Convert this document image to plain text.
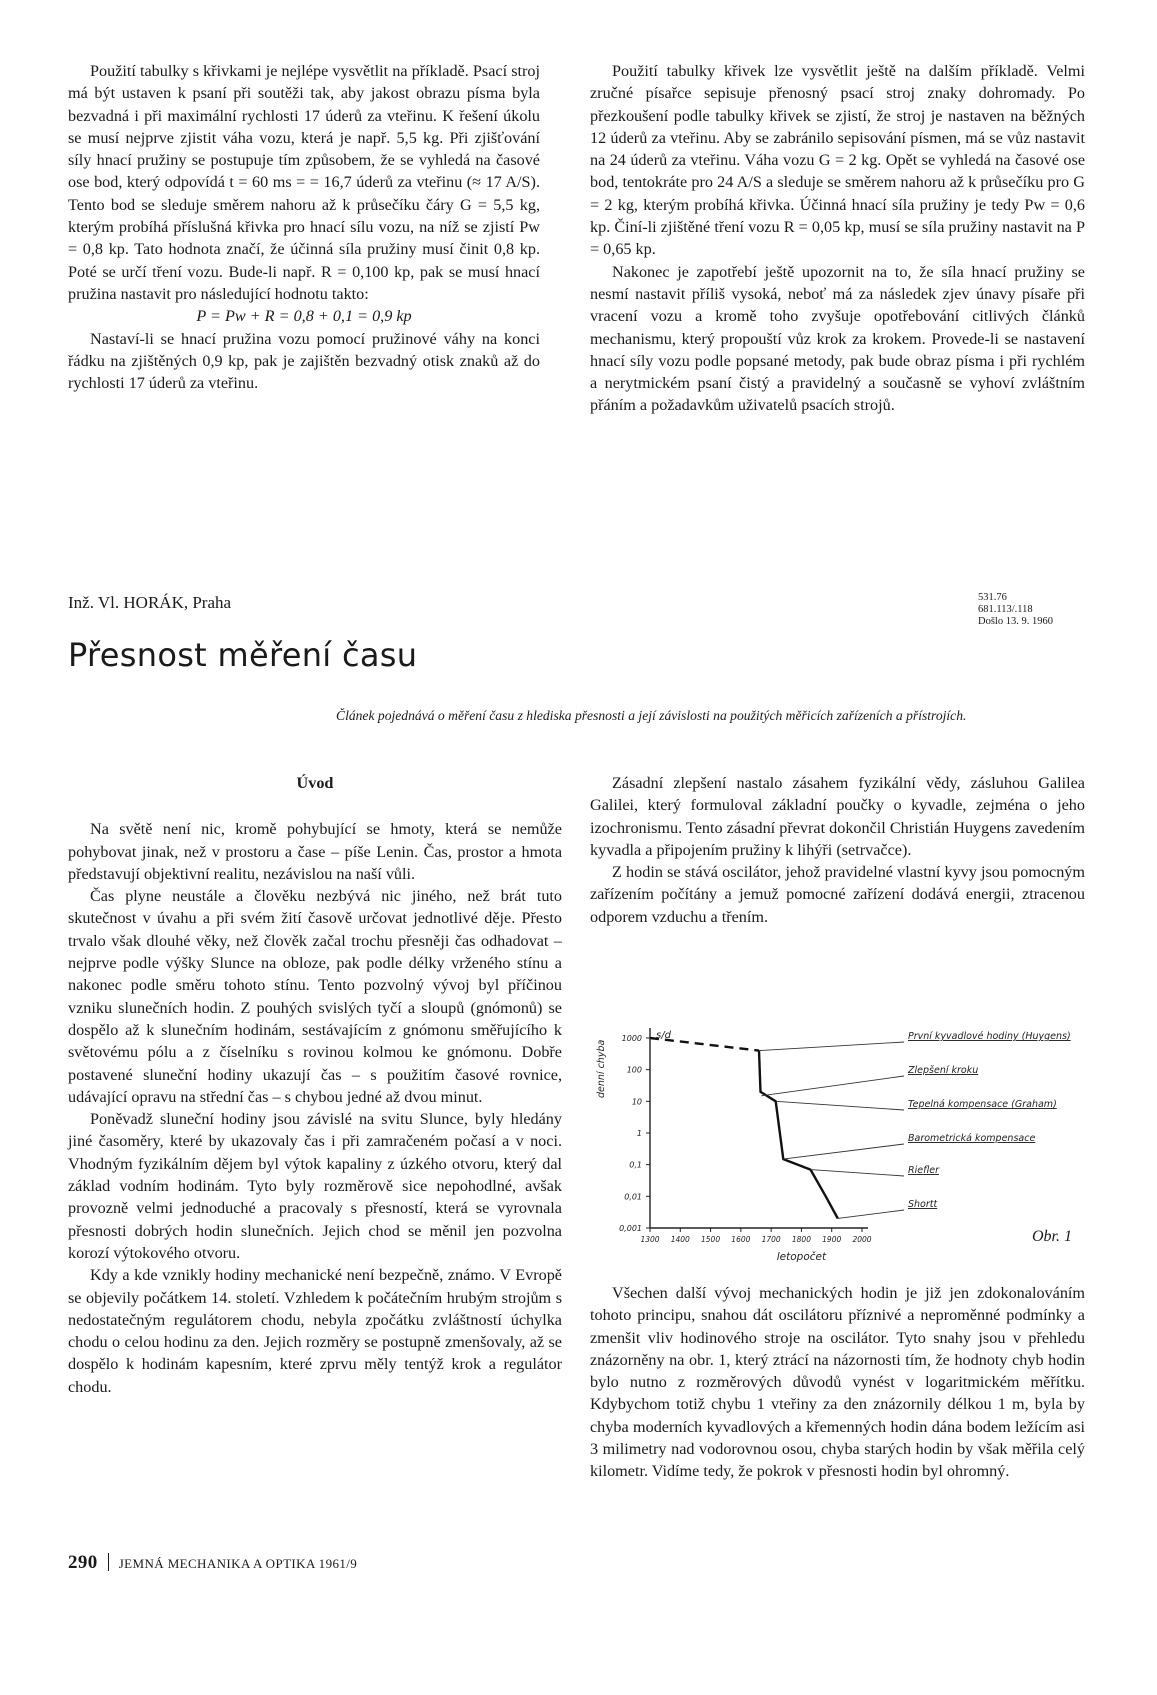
Použití tabulky s křivkami je nejlépe vysvětlit na příkladě. Psací stroj má být ustaven k psaní při soutěži tak, aby jakost obrazu písma byla bezvadná i při maximální rychlosti 17 úderů za vteřinu. K řešení úkolu se musí nejprve zjistit váha vozu, která je např. 5,5 kg. Při zjišťování síly hnací pružiny se postupuje tím způsobem, že se vyhledá na časové ose bod, který odpovídá t = 60 ms = = 16,7 úderů za vteřinu (≈ 17 A/S). Tento bod se sleduje směrem nahoru až k průsečíku čáry G = 5,5 kg, kterým probíhá příslušná křivka pro hnací sílu vozu, na níž se zjistí Pw = 0,8 kp. Tato hodnota značí, že účinná síla pružiny musí činit 0,8 kp. Poté se určí tření vozu. Bude-li např. R = 0,100 kp, pak se musí hnací pružina nastavit pro následující hodnotu takto:

P = Pw + R = 0,8 + 0,1 = 0,9 kp

Nastaví-li se hnací pružina vozu pomocí pružinové váhy na konci řádku na zjištěných 0,9 kp, pak je zajištěn bezvadný otisk znaků až do rychlosti 17 úderů za vteřinu.

Použití tabulky křivek lze vysvětlit ještě na dalším příkladě. Velmi zručné písařce sepisuje přenosný psací stroj znaky dohromady. Po přezkoušení podle tabulky křivek se zjistí, že stroj je nastaven na běžných 12 úderů za vteřinu. Aby se zabránilo sepisování písmen, má se vůz nastavit na 24 úderů za vteřinu. Váha vozu G = 2 kg. Opět se vyhledá na časové ose bod, tentokráte pro 24 A/S a sleduje se směrem nahoru až k průsečíku pro G = 2 kg, kterým probíhá křivka. Účinná hnací síla pružiny je tedy Pw = 0,6 kp. Činí-li zjištěné tření vozu R = 0,05 kp, musí se síla pružiny nastavit na P = 0,65 kp.

Nakonec je zapotřebí ještě upozornit na to, že síla hnací pružiny se nesmí nastavit příliš vysoká, neboť má za následek zjev únavy písaře při vracení vozu a kromě toho zvyšuje opotřebování citlivých článků mechanismu, který propouští vůz krok za krokem. Provede-li se nastavení hnací síly vozu podle popsané metody, pak bude obraz písma i při rychlém a nerytmickém psaní čistý a pravidelný a současně se vyhoví zvláštním přáním a požadavkům uživatelů psacích strojů.

Inž. Vl. HORÁK, Praha	531.76
681.113/.118
Došlo 13. 9. 1960
Přesnost měření času

Článek pojednává o měření času z hlediska přesnosti a její závislosti na použitých měřicích zařízeních a přístrojích.

Úvod

Na světě není nic, kromě pohybující se hmoty, která se nemůže pohybovat jinak, než v prostoru a čase – píše Lenin. Čas, prostor a hmota představují objektivní realitu, nezávislou na naší vůli.

Čas plyne neustále a člověku nezbývá nic jiného, než brát tuto skutečnost v úvahu a při svém žití časově určovat jednotlivé děje. Přesto trvalo však dlouhé věky, než člověk začal trochu přesněji čas odhadovat – nejprve podle výšky Slunce na obloze, pak podle délky vrženého stínu a nakonec podle směru tohoto stínu. Tento pozvolný vývoj byl příčinou vzniku slunečních hodin. Z pouhých svislých tyčí a sloupů (gnómonů) se dospělo až k slunečním hodinám, sestávajícím z gnómonu směřujícího k světovému pólu a z číselníku s rovinou kolmou ke gnómonu. Dobře postavené sluneční hodiny ukazují čas – s použitím časové rovnice, udávající opravu na střední čas – s chybou jedné až dvou minut.

Poněvadž sluneční hodiny jsou závislé na svitu Slunce, byly hledány jiné časoměry, které by ukazovaly čas i při zamračeném počasí a v noci. Vhodným fyzikálním dějem byl výtok kapaliny z úzkého otvoru, který dal základ vodním hodinám. Tyto byly rozměrově sice nepohodlné, avšak provozně velmi jednoduché a pracovaly s přesností, která se vyrovnala přesnosti dobrých hodin slunečních. Jejich chod se měnil jen pozvolna korozí výtokového otvoru.

Kdy a kde vznikly hodiny mechanické není bezpečně, známo. V Evropě se objevily počátkem 14. století. Vzhledem k počátečním hrubým strojům s nedostatečným regulátorem chodu, nebyla zpočátku zvláštností úchylka chodu o celou hodinu za den. Jejich rozměry se postupně zmenšovaly, až se dospělo k hodinám kapesním, které zprvu měly tentýž krok a regulátor chodu.

Zásadní zlepšení nastalo zásahem fyzikální vědy, zásluhou Galilea Galilei, který formuloval základní poučky o kyvadle, zejména o jeho izochronismu. Tento zásadní převrat dokončil Christián Huygens zavedením kyvadla a připojením pružiny k lihýři (setrvačce).

Z hodin se stává oscilátor, jehož pravidelné vlastní kyvy jsou pomocným zařízením počítány a jemuž pomocné zařízení dodává energii, ztracenou odporem vzduchu a třením.

1000
100
10
1
0,1
0,01
0,001
1300 1400 1500 1600 1700 1800 1900 2000
s/d
denní chyba
letopočet
První kyvadlové hodiny (Huygens)
Zlepšení kroku
Tepelná kompensace (Graham)
Barometrická kompensace
Riefler
Shortt
Obr. 1

Všechen další vývoj mechanických hodin je již jen zdokonalováním tohoto principu, snahou dát oscilátoru příznivé a neproměnné podmínky a zmenšit vliv hodinového stroje na oscilátor. Tyto snahy jsou v přehledu znázorněny na obr. 1, který ztrácí na názornosti tím, že hodnoty chyb hodin bylo nutno z rozměrových důvodů vynést v logaritmickém měřítku. Kdybychom totiž chybu 1 vteřiny za den znázornily délkou 1 m, byla by chyba moderních kyvadlových a křemenných hodin dána bodem ležícím asi 3 milimetry nad vodorovnou osou, chyba starých hodin by však měřila celý kilometr. Vidíme tedy, že pokrok v přesnosti hodin byl ohromný.

290 JEMNÁ MECHANIKA A OPTIKA 1961/9
